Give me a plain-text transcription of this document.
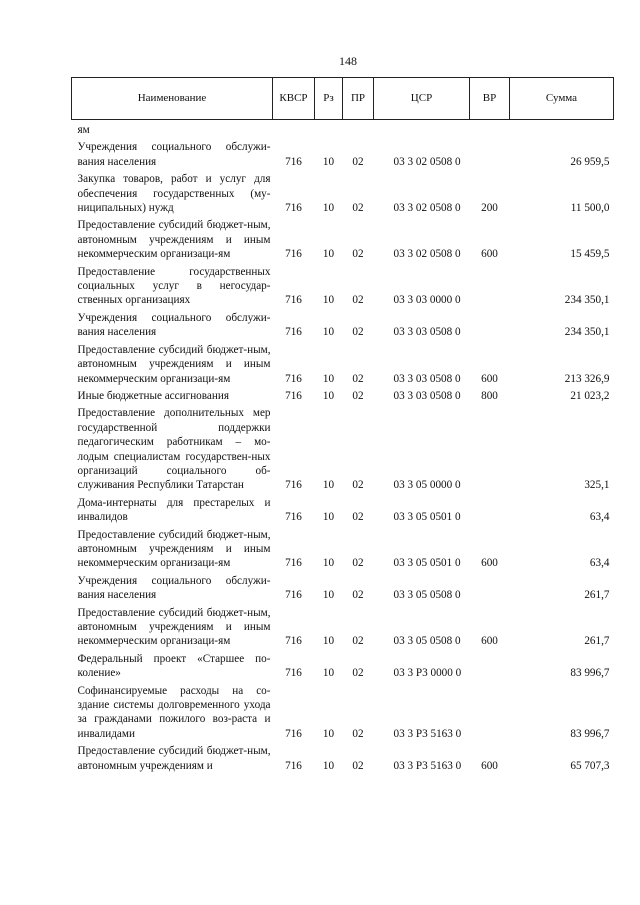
148
Наименование	КВСР	Рз	ПР	ЦСР	ВР	Сумма
ям						
Учреждения социального обслужи-вания населения	716	10	02	03 3 02 0508 0		26 959,5
Закупка товаров, работ и услуг для обеспечения государственных (му-ниципальных) нужд	716	10	02	03 3 02 0508 0	200	11 500,0
Предоставление субсидий бюджет-ным, автономным учреждениям и иным некоммерческим организаци-ям	716	10	02	03 3 02 0508 0	600	15 459,5
Предоставление государственных социальных услуг в негосудар-ственных организациях	716	10	02	03 3 03 0000 0		234 350,1
Учреждения социального обслужи-вания населения	716	10	02	03 3 03 0508 0		234 350,1
Предоставление субсидий бюджет-ным, автономным учреждениям и иным некоммерческим организаци-ям	716	10	02	03 3 03 0508 0	600	213 326,9
Иные бюджетные ассигнования	716	10	02	03 3 03 0508 0	800	21 023,2
Предоставление дополнительных мер государственной поддержки педагогическим работникам – мо-лодым специалистам государствен-ных организаций социального об-служивания Республики Татарстан	716	10	02	03 3 05 0000 0		325,1
Дома-интернаты для престарелых и инвалидов	716	10	02	03 3 05 0501 0		63,4
Предоставление субсидий бюджет-ным, автономным учреждениям и иным некоммерческим организаци-ям	716	10	02	03 3 05 0501 0	600	63,4
Учреждения социального обслужи-вания населения	716	10	02	03 3 05 0508 0		261,7
Предоставление субсидий бюджет-ным, автономным учреждениям и иным некоммерческим организаци-ям	716	10	02	03 3 05 0508 0	600	261,7
Федеральный проект «Старшее по-коление»	716	10	02	03 3 P3 0000 0		83 996,7
Софинансируемые расходы на со-здание системы долговременного ухода за гражданами пожилого воз-раста и инвалидами	716	10	02	03 3 P3 5163 0		83 996,7
Предоставление субсидий бюджет-ным, автономным учреждениям и	716	10	02	03 3 P3 5163 0	600	65 707,3
